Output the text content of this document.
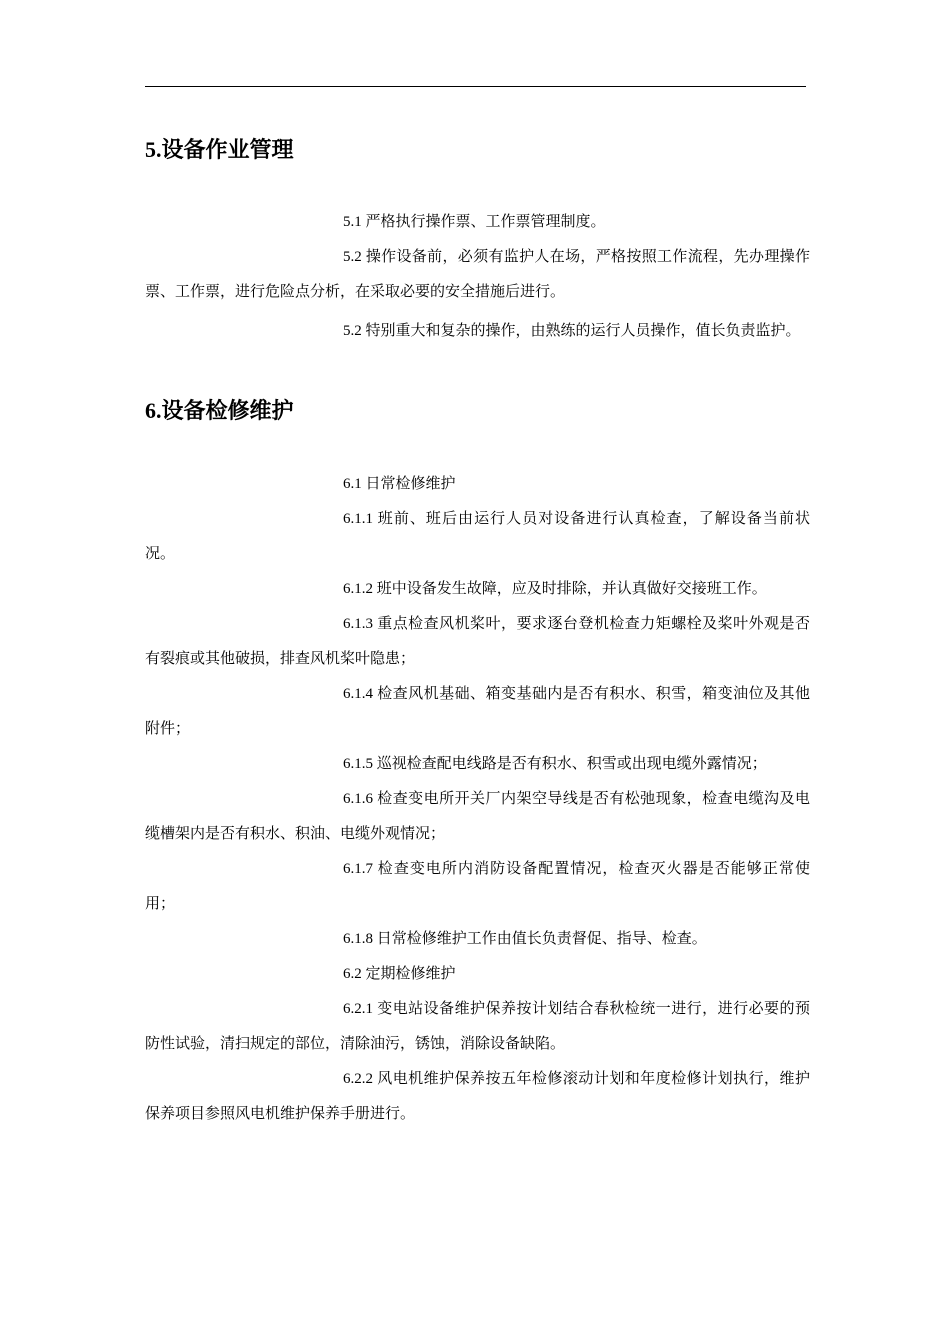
5.设备作业管理

5.1 严格执行操作票、工作票管理制度。

5.2 操作设备前，必须有监护人在场，严格按照工作流程，先办理操作票、工作票，进行危险点分析，在采取必要的安全措施后进行。

5.2 特别重大和复杂的操作，由熟练的运行人员操作，值长负责监护。

6.设备检修维护

6.1 日常检修维护

6.1.1 班前、班后由运行人员对设备进行认真检查，了解设备当前状况。

6.1.2 班中设备发生故障，应及时排除，并认真做好交接班工作。

6.1.3 重点检查风机桨叶，要求逐台登机检查力矩螺栓及桨叶外观是否有裂痕或其他破损，排查风机桨叶隐患；

6.1.4 检查风机基础、箱变基础内是否有积水、积雪，箱变油位及其他附件；

6.1.5 巡视检查配电线路是否有积水、积雪或出现电缆外露情况；

6.1.6 检查变电所开关厂内架空导线是否有松弛现象，检查电缆沟及电缆槽架内是否有积水、积油、电缆外观情况；

6.1.7 检查变电所内消防设备配置情况，检查灭火器是否能够正常使用；

6.1.8 日常检修维护工作由值长负责督促、指导、检查。

6.2 定期检修维护

6.2.1 变电站设备维护保养按计划结合春秋检统一进行，进行必要的预防性试验，清扫规定的部位，清除油污，锈蚀，消除设备缺陷。

6.2.2 风电机维护保养按五年检修滚动计划和年度检修计划执行，维护保养项目参照风电机维护保养手册进行。
